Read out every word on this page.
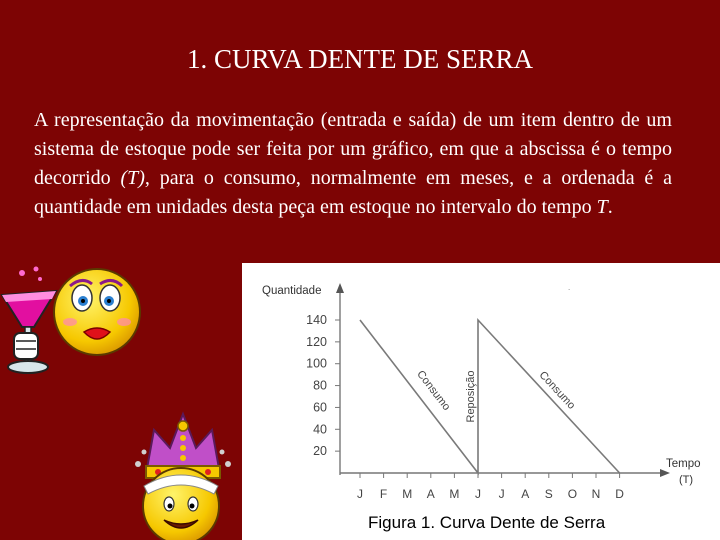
1. CURVA DENTE DE SERRA
A representação da movimentação (entrada e saída) de um item dentro de um sistema de estoque pode ser feita por um gráfico, em que a abscissa é o tempo decorrido (T), para o consumo, normalmente em meses, e a ordenada é a quantidade em unidades desta peça em estoque no intervalo do tempo T.
Quantidade
Tempo
(T)
.
20
40
60
80
100
120
140
J F M A M J J A S O N D
Consumo Reposição	Consumo
Figura 1. Curva Dente de Serra	2
